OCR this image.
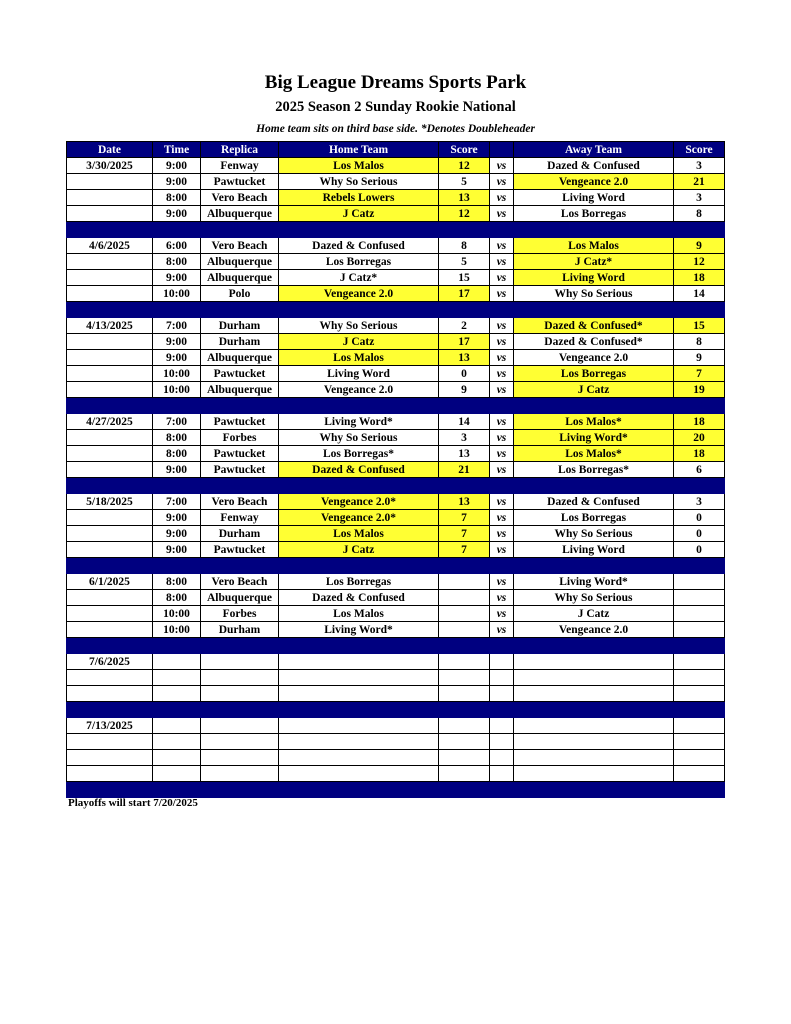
Big League Dreams Sports Park
2025 Season 2 Sunday Rookie National
Home team sits on third base side. *Denotes Doubleheader
Date	Time	Replica	Home Team	Score		Away Team	Score
3/30/2025	9:00	Fenway	Los Malos	12	vs	Dazed & Confused	3
	9:00	Pawtucket	Why So Serious	5	vs	Vengeance 2.0	21
	8:00	Vero Beach	Rebels Lowers	13	vs	Living Word	3
	9:00	Albuquerque	J Catz	12	vs	Los Borregas	8

4/6/2025	6:00	Vero Beach	Dazed & Confused	8	vs	Los Malos	9
	8:00	Albuquerque	Los Borregas	5	vs	J Catz*	12
	9:00	Albuquerque	J Catz*	15	vs	Living Word	18
	10:00	Polo	Vengeance 2.0	17	vs	Why So Serious	14

4/13/2025	7:00	Durham	Why So Serious	2	vs	Dazed & Confused*	15
	9:00	Durham	J Catz	17	vs	Dazed & Confused*	8
	9:00	Albuquerque	Los Malos	13	vs	Vengeance 2.0	9
	10:00	Pawtucket	Living Word	0	vs	Los Borregas	7
	10:00	Albuquerque	Vengeance 2.0	9	vs	J Catz	19

4/27/2025	7:00	Pawtucket	Living Word*	14	vs	Los Malos*	18
	8:00	Forbes	Why So Serious	3	vs	Living Word*	20
	8:00	Pawtucket	Los Borregas*	13	vs	Los Malos*	18
	9:00	Pawtucket	Dazed & Confused	21	vs	Los Borregas*	6

5/18/2025	7:00	Vero Beach	Vengeance 2.0*	13	vs	Dazed & Confused	3
	9:00	Fenway	Vengeance 2.0*	7	vs	Los Borregas	0
	9:00	Durham	Los Malos	7	vs	Why So Serious	0
	9:00	Pawtucket	J Catz	7	vs	Living Word	0

6/1/2025	8:00	Vero Beach	Los Borregas		vs	Living Word*	
	8:00	Albuquerque	Dazed & Confused		vs	Why So Serious	
	10:00	Forbes	Los Malos		vs	J Catz	
	10:00	Durham	Living Word*		vs	Vengeance 2.0	

7/6/2025							

7/13/2025							

Playoffs will start 7/20/2025
